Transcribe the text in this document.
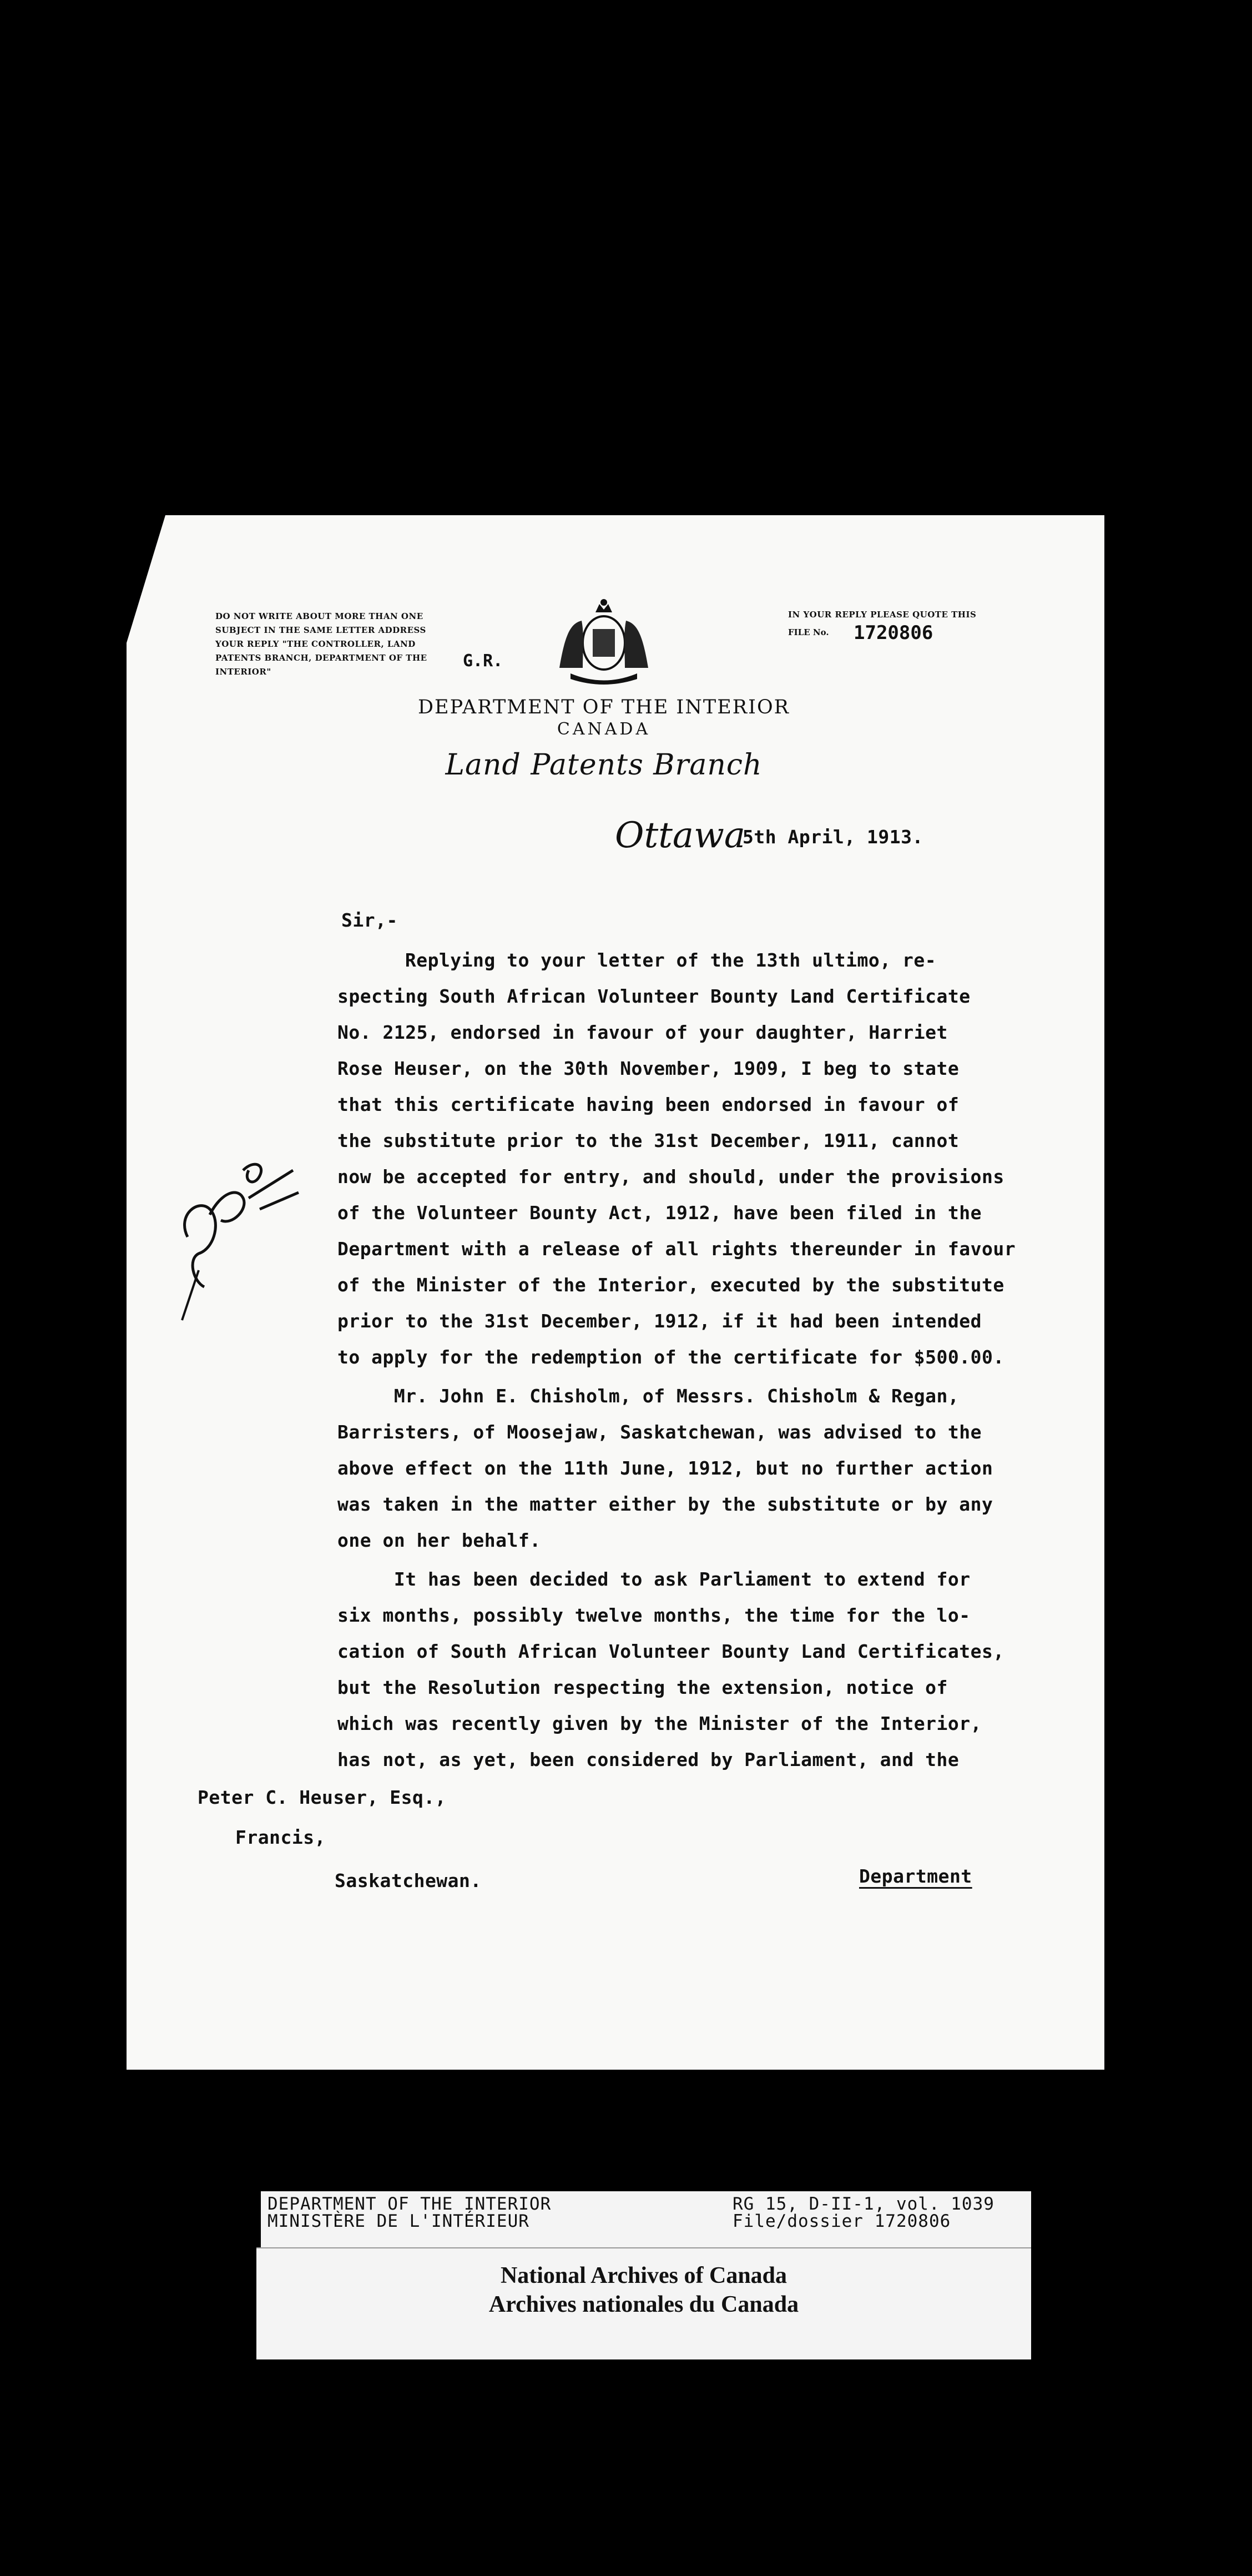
DO NOT WRITE ABOUT MORE THAN ONE SUBJECT IN THE SAME LETTER ADDRESS YOUR REPLY "THE CONTROLLER, LAND PATENTS BRANCH, DEPARTMENT OF THE INTERIOR"
G.R.
IN YOUR REPLY PLEASE QUOTE THIS
FILE No. 1720806
DEPARTMENT OF THE INTERIOR
CANADA
Land Patents Branch
Ottawa
5th April, 1913.
Sir,-
Replying to your letter of the 13th ultimo, re-
specting South African Volunteer Bounty Land Certificate
No. 2125, endorsed in favour of your daughter, Harriet
Rose Heuser, on the 30th November, 1909, I beg to state
that this certificate having been endorsed in favour of
the substitute prior to the 31st December, 1911, cannot
now be accepted for entry, and should, under the provisions
of the Volunteer Bounty Act, 1912, have been filed in the
Department with a release of all rights thereunder in favour
of the Minister of the Interior, executed by the substitute
prior to the 31st December, 1912, if it had been intended
to apply for the redemption of the certificate for $500.00.
Mr. John E. Chisholm, of Messrs. Chisholm & Regan,
Barristers, of Moosejaw, Saskatchewan, was advised to the
above effect on the 11th June, 1912, but no further action
was taken in the matter either by the substitute or by any
one on her behalf.
It has been decided to ask Parliament to extend for
six months, possibly twelve months, the time for the lo-
cation of South African Volunteer Bounty Land Certificates,
but the Resolution respecting the extension, notice of
which was recently given by the Minister of the Interior,
has not, as yet, been considered by Parliament, and the
Peter C. Heuser, Esq.,
Francis,
Saskatchewan.	Department
DEPARTMENT OF THE INTERIOR
MINISTÈRE DE L'INTÉRIEUR
RG 15, D-II-1, vol. 1039
File/dossier 1720806
National Archives of Canada
Archives nationales du Canada
